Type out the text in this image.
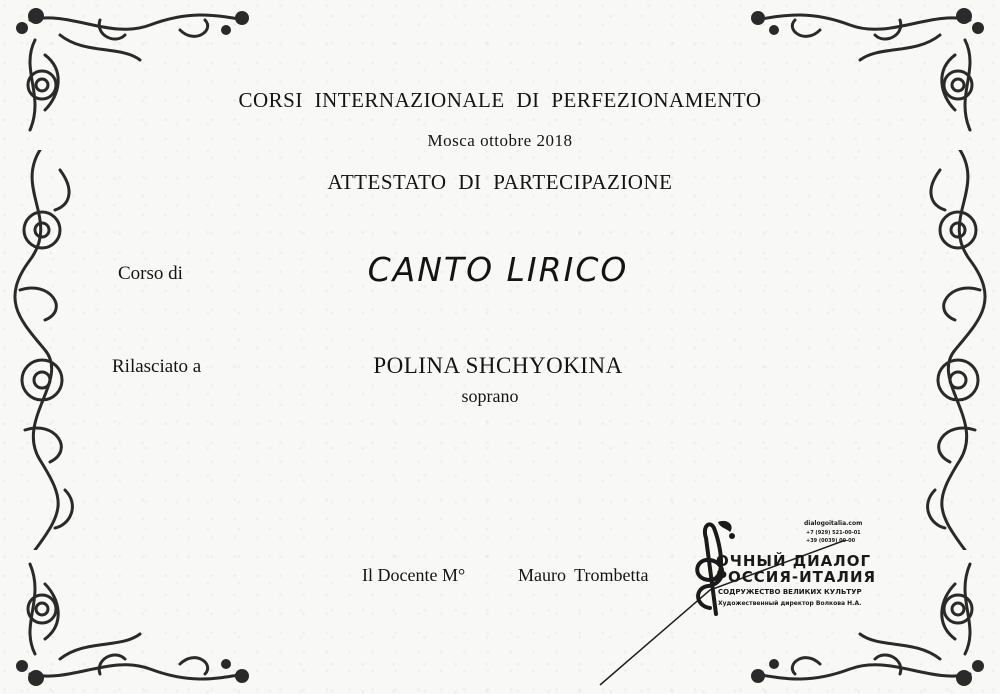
CORSI INTERNAZIONALE DI PERFEZIONAMENTO
Mosca ottobre 2018
ATTESTATO DI PARTECIPAZIONE
Corso di	CANTO LIRICO
Rilasciato a	POLINA SHCHYOKINA
soprano
Il Docente M°	Mauro Trombetta
dialogoitalia.com
+7 (929) 521-00-01
+39 (0039) 00-00
ОЧНЫЙ ДИАЛОГ
РОССИЯ-ИТАЛИЯ
СОДРУЖЕСТВО ВЕЛИКИХ КУЛЬТУР
Художественный директор Волкова Н.А.
